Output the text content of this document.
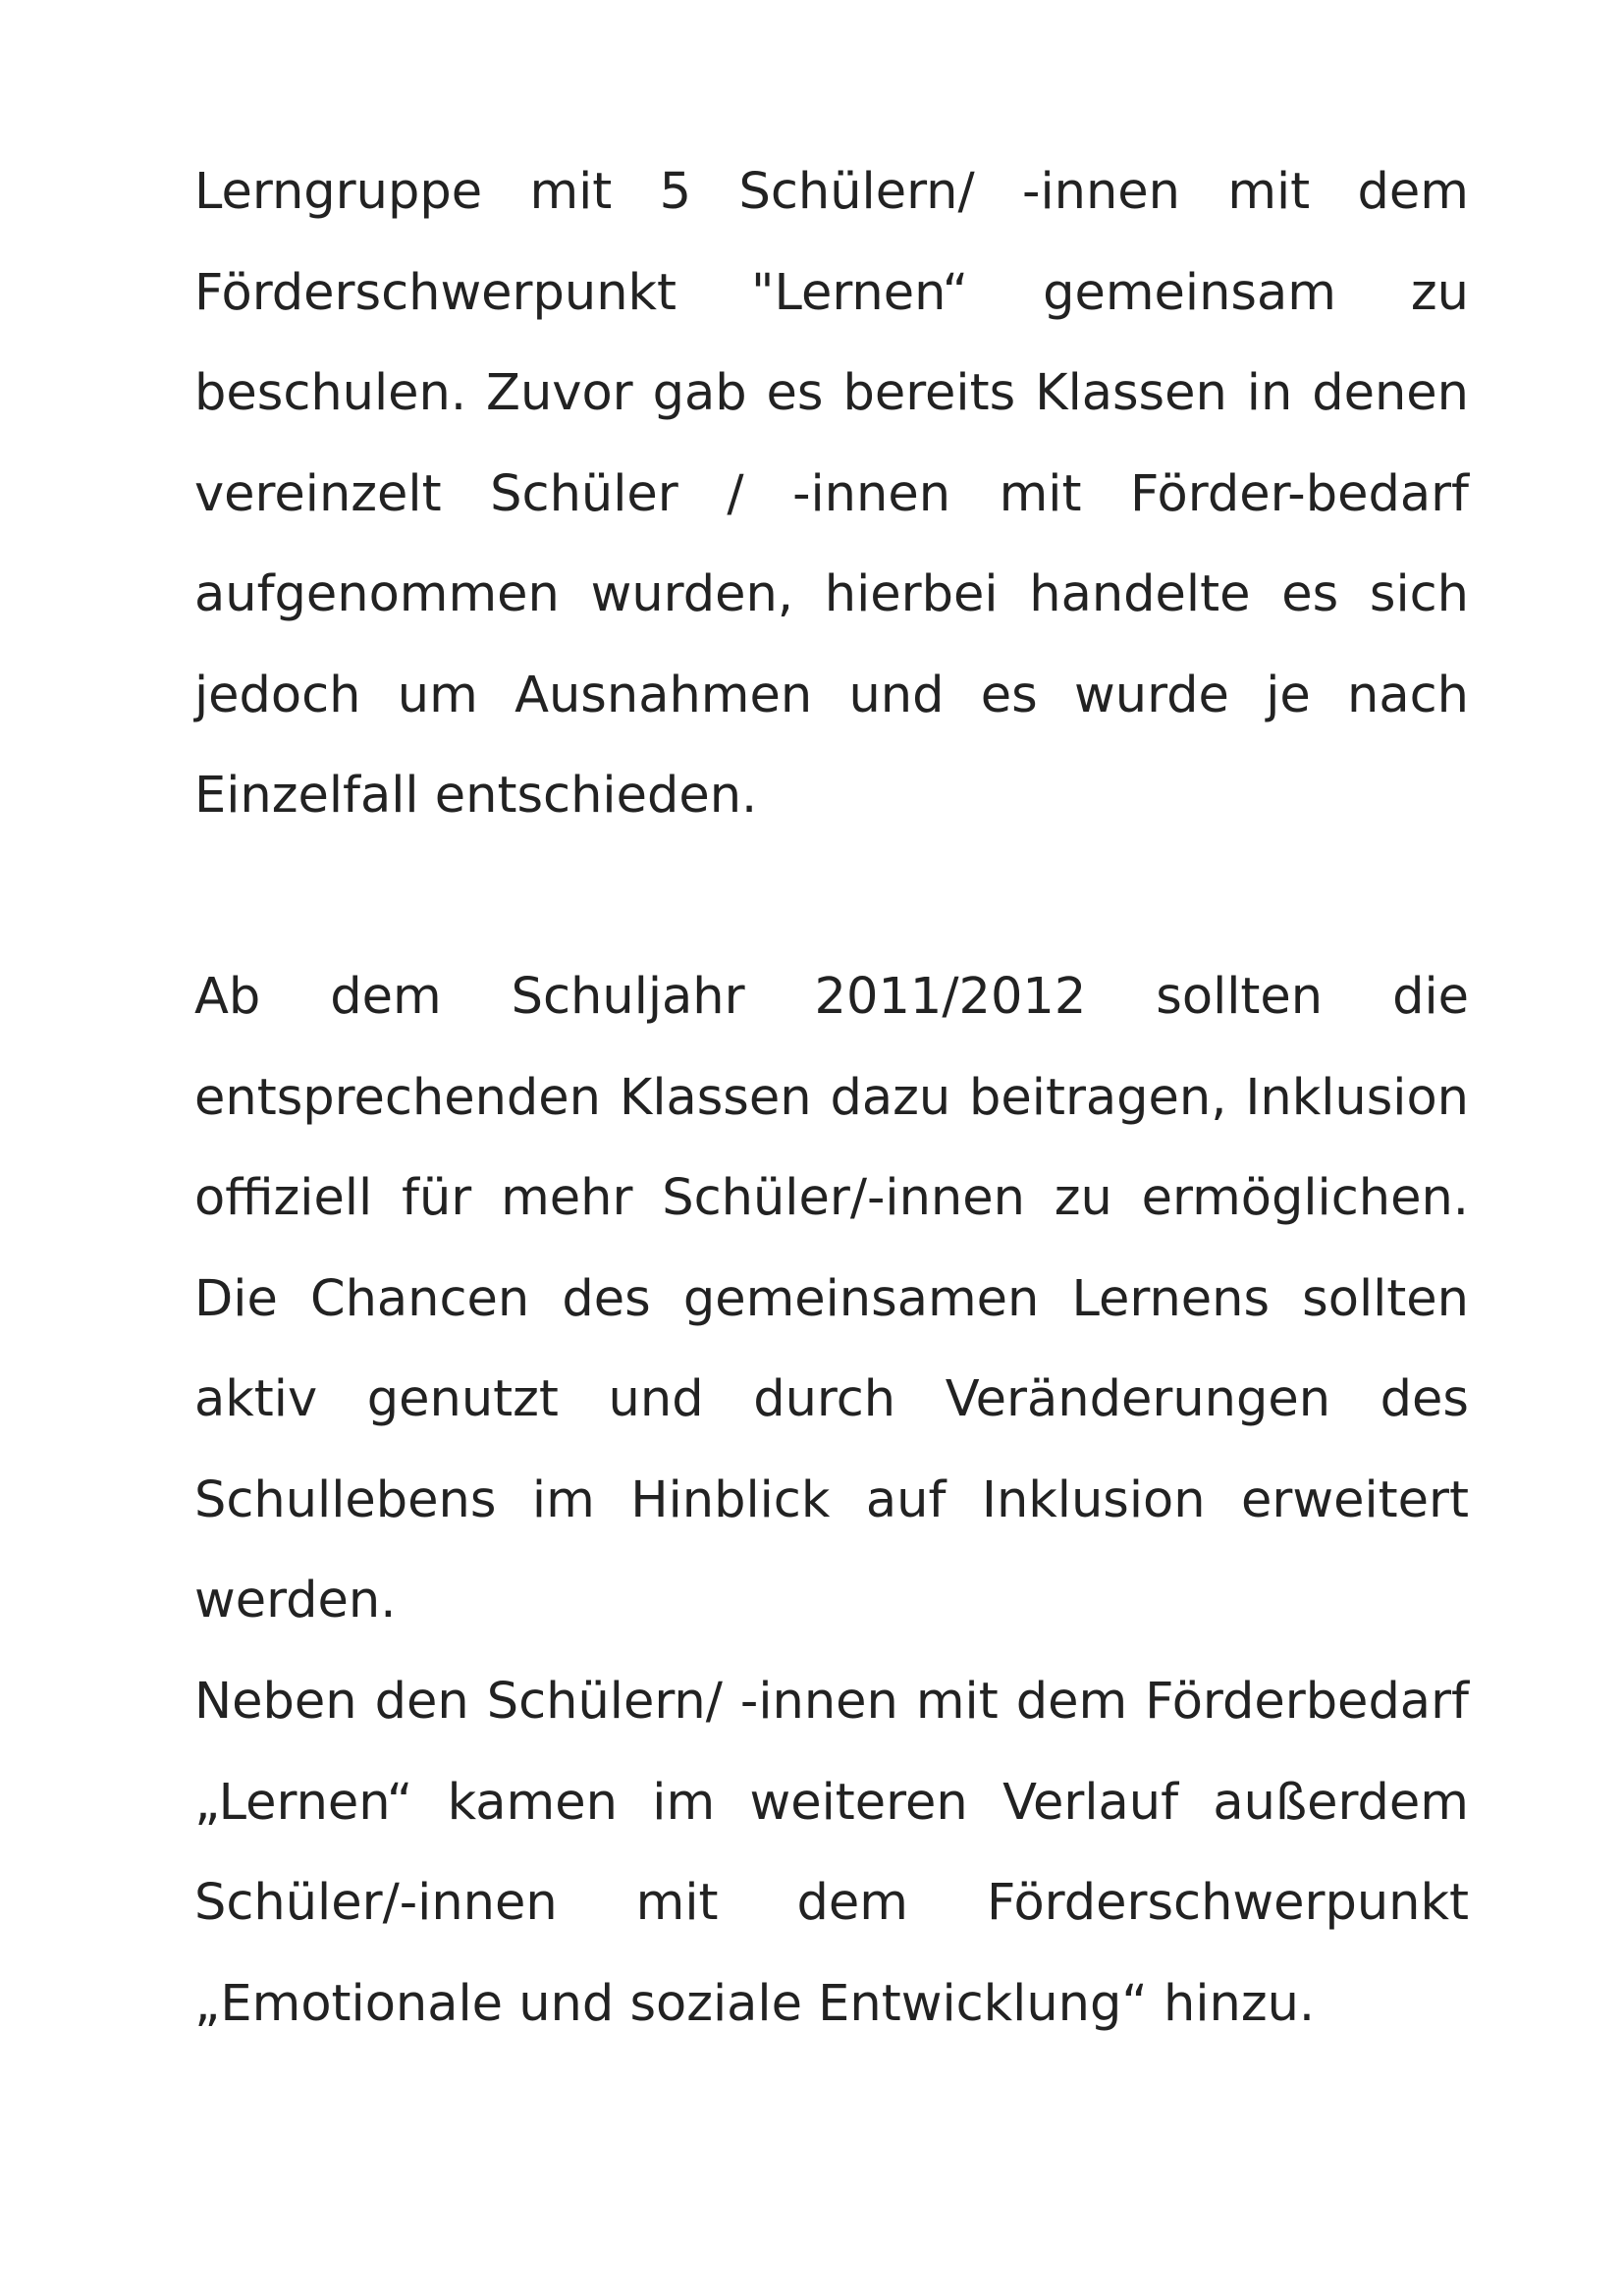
Lerngruppe mit 5 Schülern/ -innen mit dem Förderschwerpunkt "Lernen“ gemeinsam zu beschulen. Zuvor gab es bereits Klassen in denen vereinzelt Schüler / -innen mit Förder-bedarf aufgenommen wurden, hierbei handelte es sich jedoch um Ausnahmen und es wurde je nach Einzelfall entschieden.

Ab dem Schuljahr 2011/2012 sollten die entsprechenden Klassen dazu beitragen, Inklusion offiziell für mehr Schüler/-innen zu ermöglichen. Die Chancen des gemeinsamen Lernens sollten aktiv genutzt und durch Veränderungen des Schullebens im Hinblick auf Inklusion erweitert werden.

Neben den Schülern/ -innen mit dem Förderbedarf „Lernen“ kamen im weiteren Verlauf außerdem Schüler/-innen mit dem Förderschwerpunkt „Emotionale und soziale Entwicklung“ hinzu.
